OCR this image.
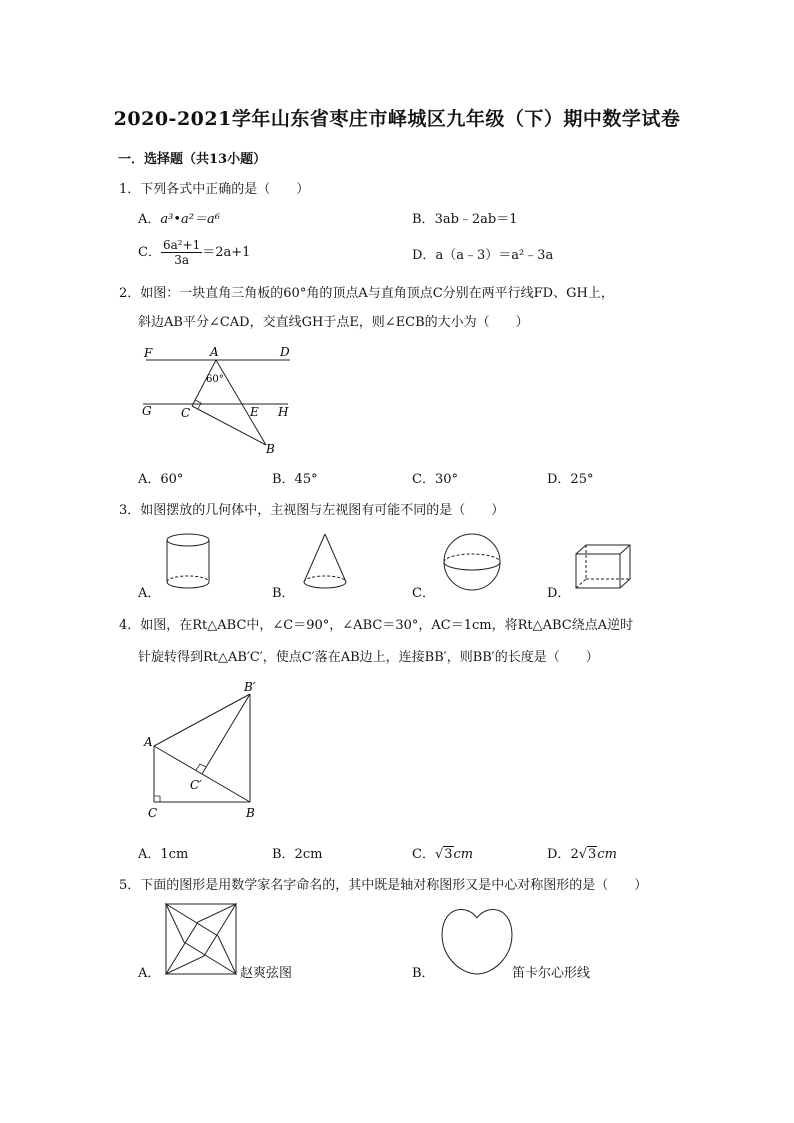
2020-2021学年山东省枣庄市峄城区九年级（下）期中数学试卷
一．选择题（共13小题）
1．下列各式中正确的是（　　）
A．a³•a²＝a⁶	B．3ab﹣2ab＝1
C． $\frac{\text{6a²+1}}{3a} =2a+1$	D．a（a﹣3）＝a²﹣3a
2．如图：一块直角三角板的60°角的顶点A与直角顶点C分别在两平行线FD、GH上，
斜边AB平分∠CAD，交直线GH于点E，则∠ECB的大小为（　　）
F	A	D
60°
G C	E H
B
A．60°	B．45°	C．30°	D．25°
3．如图摆放的几何体中，主视图与左视图有可能不同的是（　　）
A．	B．	C．	D．
4．如图，在Rt△ABC中，∠C＝90°，∠ABC＝30°，AC＝1cm，将Rt△ABC绕点A逆时
针旋转得到Rt△AB′C′，使点C′落在AB边上，连接BB′，则BB′的长度是（　　）
B′
A
C′
C	B
A．1cm	B．2cm	C．√3cm	D．2√3cm
5．下面的图形是用数学家名字命名的，其中既是轴对称图形又是中心对称图形的是（　　）
A．	赵爽弦图	B．	笛卡尔心形线
